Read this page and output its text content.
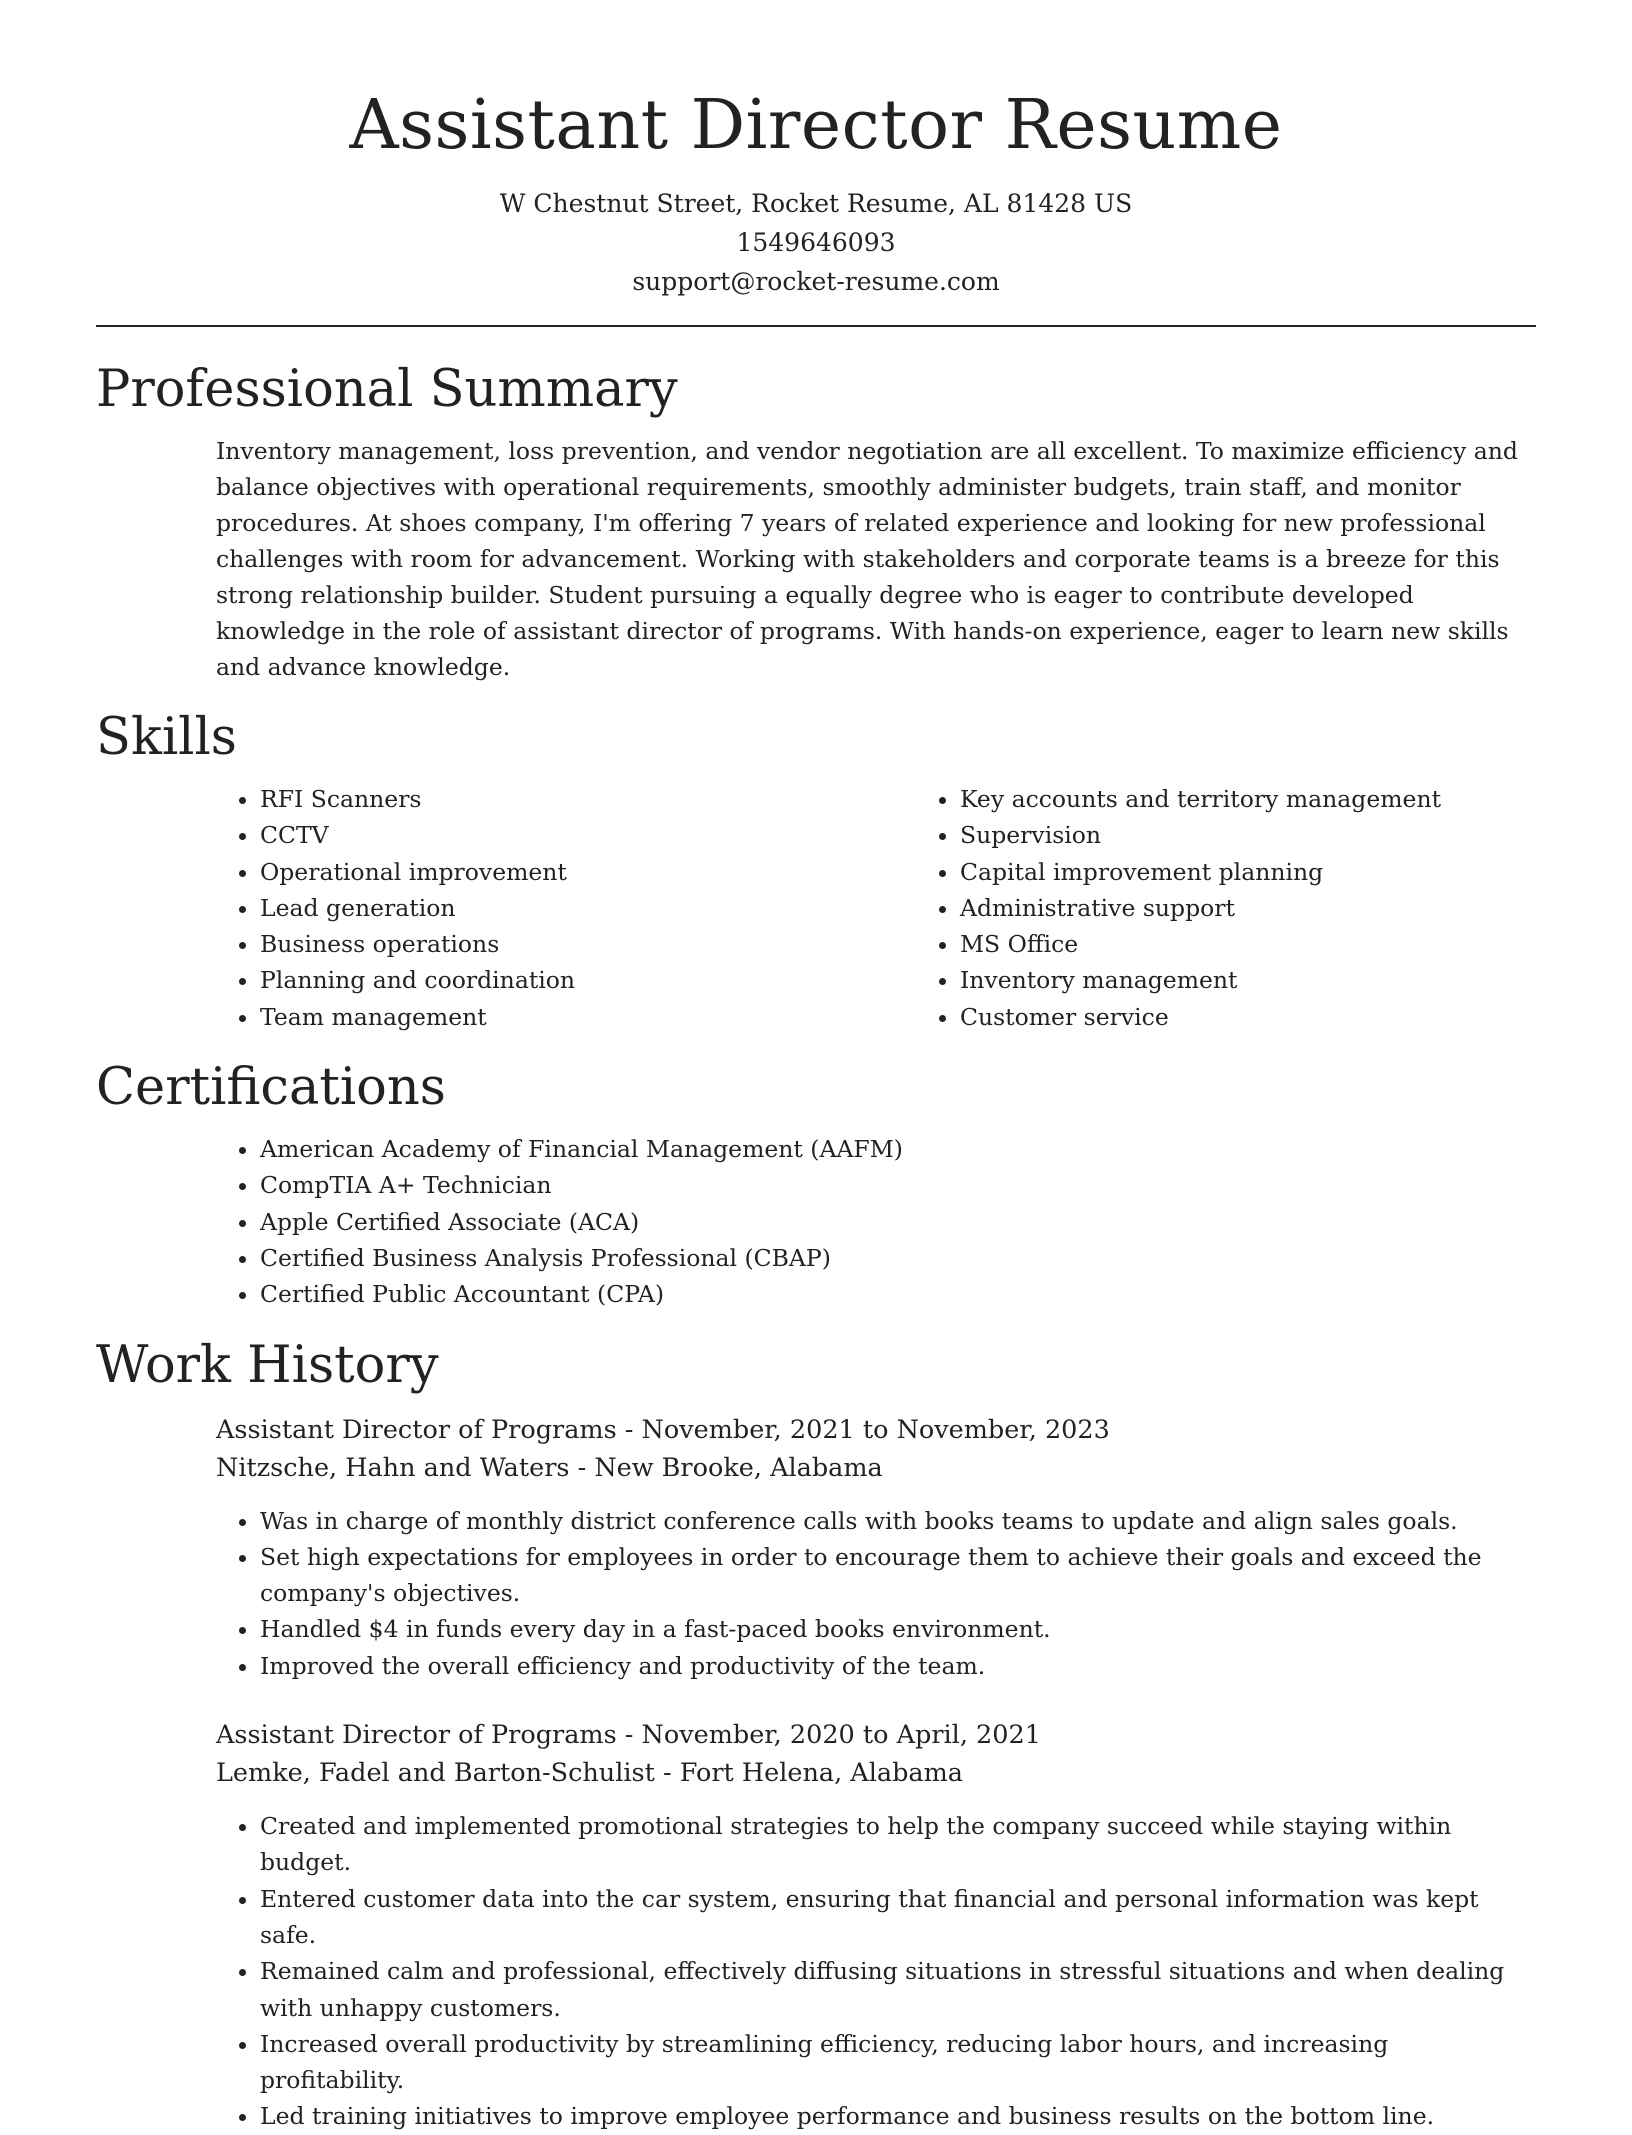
Assistant Director Resume
W Chestnut Street, Rocket Resume, AL 81428 US
1549646093
support@rocket-resume.com
Professional Summary

Inventory management, loss prevention, and vendor negotiation are all excellent. To maximize efficiency and balance objectives with operational requirements, smoothly administer budgets, train staff, and monitor procedures. At shoes company, I'm offering 7 years of related experience and looking for new professional challenges with room for advancement. Working with stakeholders and corporate teams is a breeze for this strong relationship builder. Student pursuing a equally degree who is eager to contribute developed knowledge in the role of assistant director of programs. With hands-on experience, eager to learn new skills and advance knowledge.

Skills
• RFI Scanners
• CCTV
• Operational improvement
• Lead generation
• Business operations
• Planning and coordination
• Team management
• Key accounts and territory management
• Supervision
• Capital improvement planning
• Administrative support
• MS Office
• Inventory management
• Customer service
Certifications
• American Academy of Financial Management (AAFM)
• CompTIA A+ Technician
• Apple Certified Associate (ACA)
• Certified Business Analysis Professional (CBAP)
• Certified Public Accountant (CPA)
Work History
Assistant Director of Programs - November, 2021 to November, 2023
Nitzsche, Hahn and Waters - New Brooke, Alabama
• Was in charge of monthly district conference calls with books teams to update and align sales goals.
• Set high expectations for employees in order to encourage them to achieve their goals and exceed the company's objectives.
• Handled $4 in funds every day in a fast-paced books environment.
• Improved the overall efficiency and productivity of the team.
Assistant Director of Programs - November, 2020 to April, 2021
Lemke, Fadel and Barton-Schulist - Fort Helena, Alabama
• Created and implemented promotional strategies to help the company succeed while staying within budget.
• Entered customer data into the car system, ensuring that financial and personal information was kept safe.
• Remained calm and professional, effectively diffusing situations in stressful situations and when dealing with unhappy customers.
• Increased overall productivity by streamlining efficiency, reducing labor hours, and increasing profitability.
• Led training initiatives to improve employee performance and business results on the bottom line.
